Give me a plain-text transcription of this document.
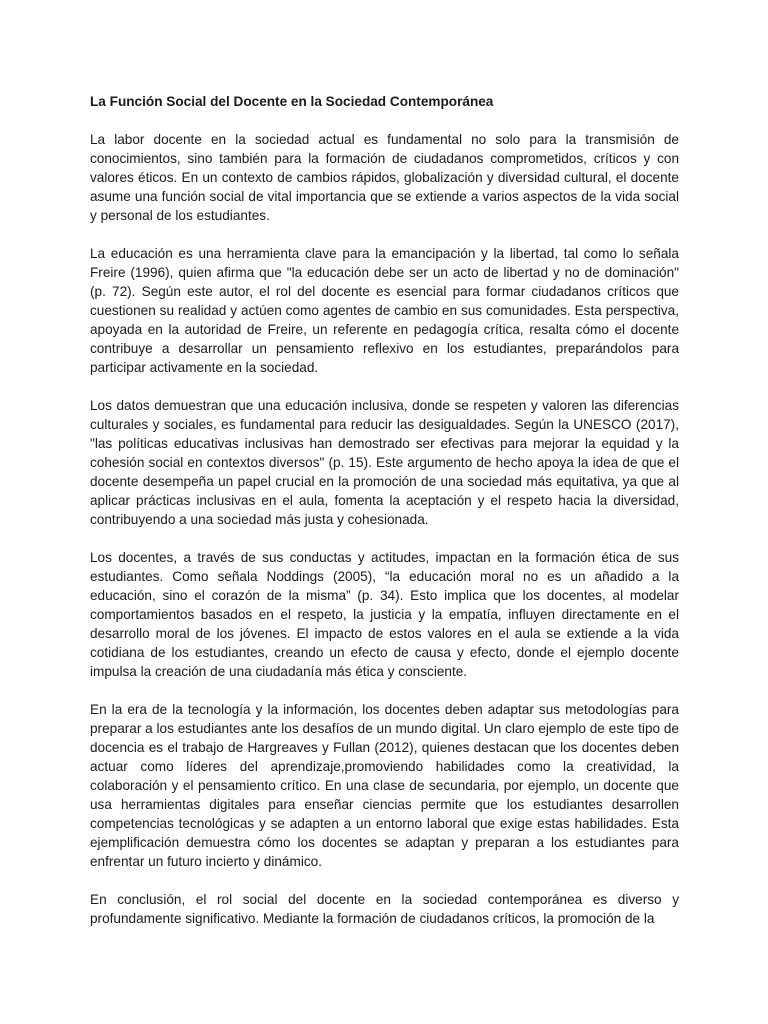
La Función Social del Docente en la Sociedad Contemporánea

La labor docente en la sociedad actual es fundamental no solo para la transmisión de conocimientos, sino también para la formación de ciudadanos comprometidos, críticos y con valores éticos. En un contexto de cambios rápidos, globalización y diversidad cultural, el docente asume una función social de vital importancia que se extiende a varios aspectos de la vida social y personal de los estudiantes.

La educación es una herramienta clave para la emancipación y la libertad, tal como lo señala Freire (1996), quien afirma que "la educación debe ser un acto de libertad y no de dominación" (p. 72). Según este autor, el rol del docente es esencial para formar ciudadanos críticos que cuestionen su realidad y actúen como agentes de cambio en sus comunidades. Esta perspectiva, apoyada en la autoridad de Freire, un referente en pedagogía crítica, resalta cómo el docente contribuye a desarrollar un pensamiento reflexivo en los estudiantes, preparándolos para participar activamente en la sociedad.

Los datos demuestran que una educación inclusiva, donde se respeten y valoren las diferencias culturales y sociales, es fundamental para reducir las desigualdades. Según la UNESCO (2017), "las políticas educativas inclusivas han demostrado ser efectivas para mejorar la equidad y la cohesión social en contextos diversos" (p. 15). Este argumento de hecho apoya la idea de que el docente desempeña un papel crucial en la promoción de una sociedad más equitativa, ya que al aplicar prácticas inclusivas en el aula, fomenta la aceptación y el respeto hacia la diversidad, contribuyendo a una sociedad más justa y cohesionada.

Los docentes, a través de sus conductas y actitudes, impactan en la formación ética de sus estudiantes. Como señala Noddings (2005), “la educación moral no es un añadido a la educación, sino el corazón de la misma” (p. 34). Esto implica que los docentes, al modelar comportamientos basados en el respeto, la justicia y la empatía, influyen directamente en el desarrollo moral de los jóvenes. El impacto de estos valores en el aula se extiende a la vida cotidiana de los estudiantes, creando un efecto de causa y efecto, donde el ejemplo docente impulsa la creación de una ciudadanía más ética y consciente.

En la era de la tecnología y la información, los docentes deben adaptar sus metodologías para preparar a los estudiantes ante los desafíos de un mundo digital. Un claro ejemplo de este tipo de docencia es el trabajo de Hargreaves y Fullan (2012), quienes destacan que los docentes deben actuar como líderes del aprendizaje,promoviendo habilidades como la creatividad, la colaboración y el pensamiento crítico. En una clase de secundaria, por ejemplo, un docente que usa herramientas digitales para enseñar ciencias permite que los estudiantes desarrollen competencias tecnológicas y se adapten a un entorno laboral que exige estas habilidades. Esta ejemplificación demuestra cómo los docentes se adaptan y preparan a los estudiantes para enfrentar un futuro incierto y dinámico.

En conclusión, el rol social del docente en la sociedad contemporánea es diverso y profundamente significativo. Mediante la formación de ciudadanos críticos, la promoción de la
